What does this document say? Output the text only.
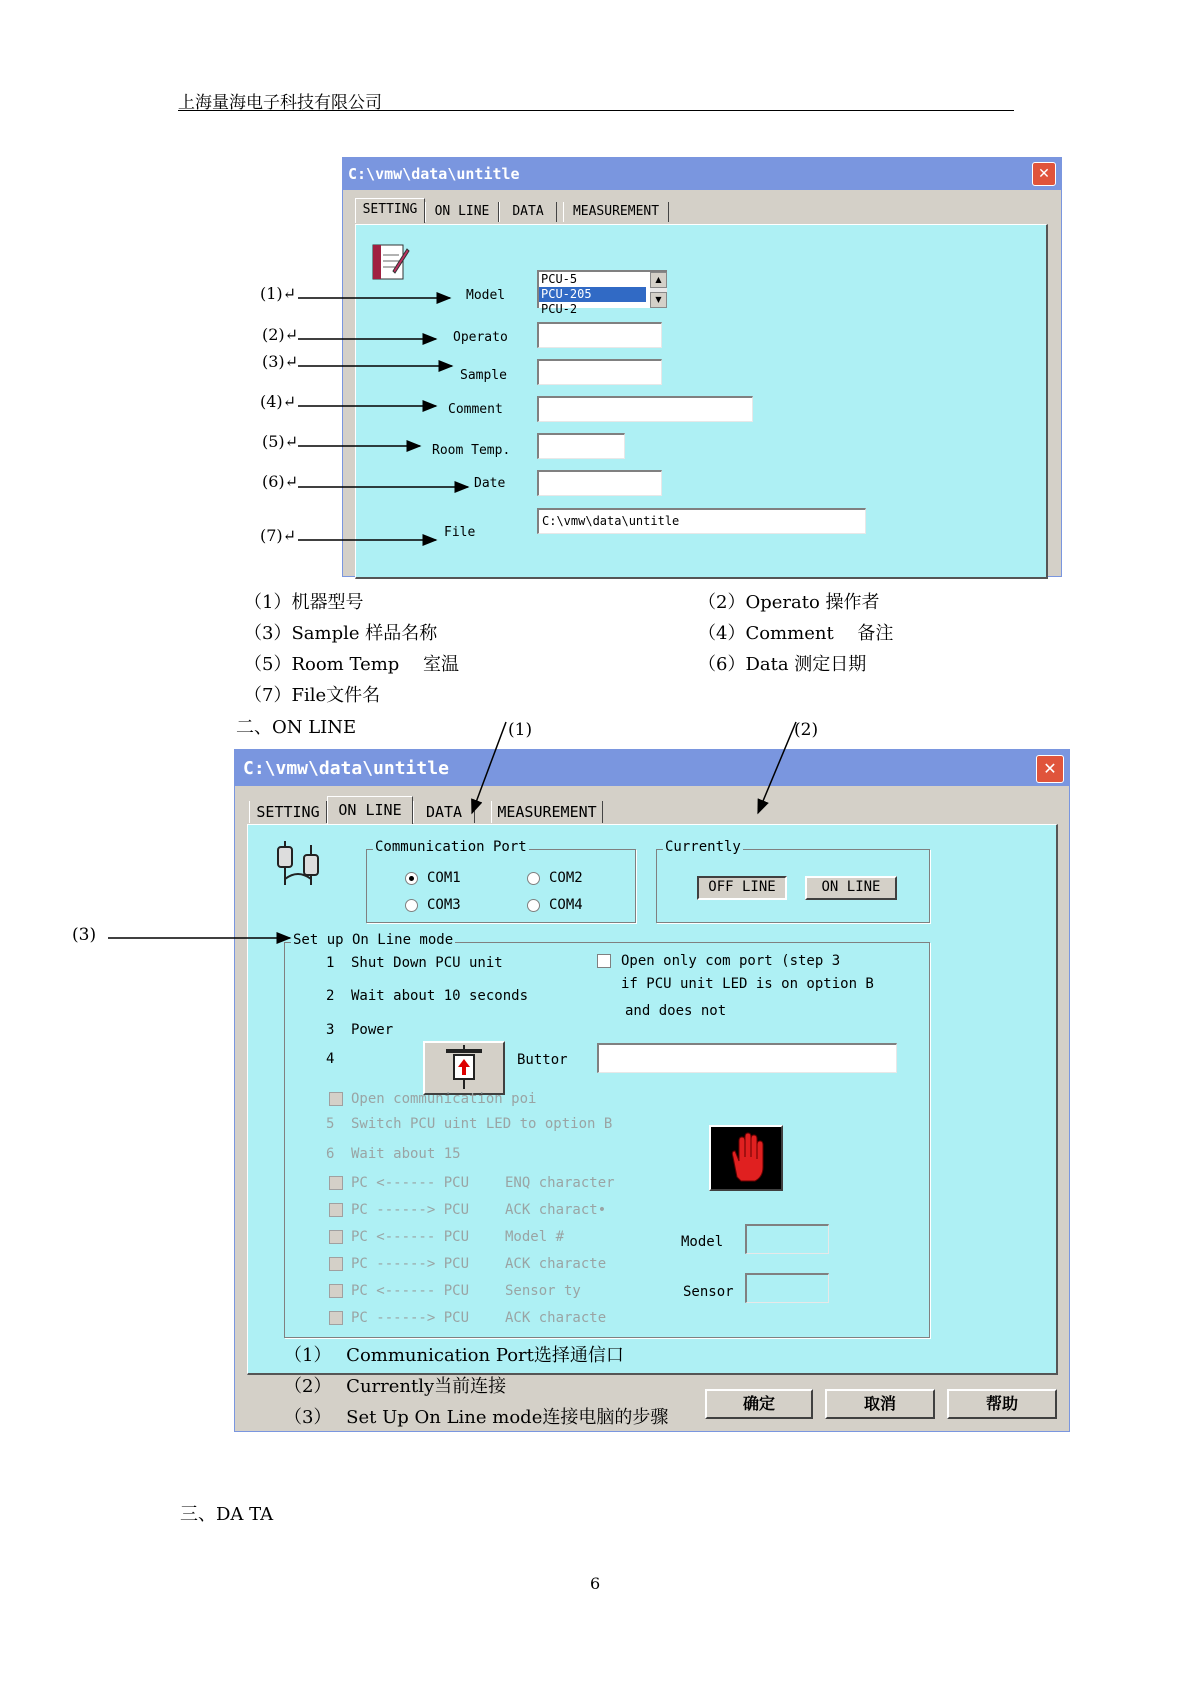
上海量海电子科技有限公司
C:\vmw\data\untitle	✕
SETTING	ON LINE	DATA	MEASUREMENT
Model
PCU-5
PCU-205
PCU-2
▲
▼
Operato
Sample
Comment
Room Temp.
Date
File
C:\vmw\data\untitle
(1)↵
(2)↵
(3)↵
(4)↵
(5)↵
(6)↵
(7)↵
（1）机器型号	（2）Operato 操作者
（3）Sample 样品名称	（4）Comment　 备注
（5）Room Temp　 室温	（6）Data 测定日期
（7）File文件名
二、ON LINE	(1)	(2)
(3)
C:\vmw\data\untitle	✕
SETTING	ON LINE	DATA	MEASUREMENT
Communication Port
COM1	COM2
COM3	COM4
Currently
OFF LINE	ON LINE
Set up On Line mode
1 Shut Down PCU unit
2 Wait about 10 seconds
3 Power
4	Buttor
Open only com port (step 3
if PCU unit LED is on option B
and does not
Open communication poi
5 Switch PCU uint LED to option B
6 Wait about 15
PC <------ PCU	ENQ character
PC ------> PCU	ACK charact•
PC <------ PCU	Model #
PC ------> PCU	ACK characte
PC <------ PCU	Sensor ty
PC ------> PCU	ACK characte
Model
Sensor
确定	取消	帮助
（1）　 Communication Port选择通信口
（2）　 Currently当前连接
（3）　 Set Up On Line mode连接电脑的步骤
三、DA TA
6
